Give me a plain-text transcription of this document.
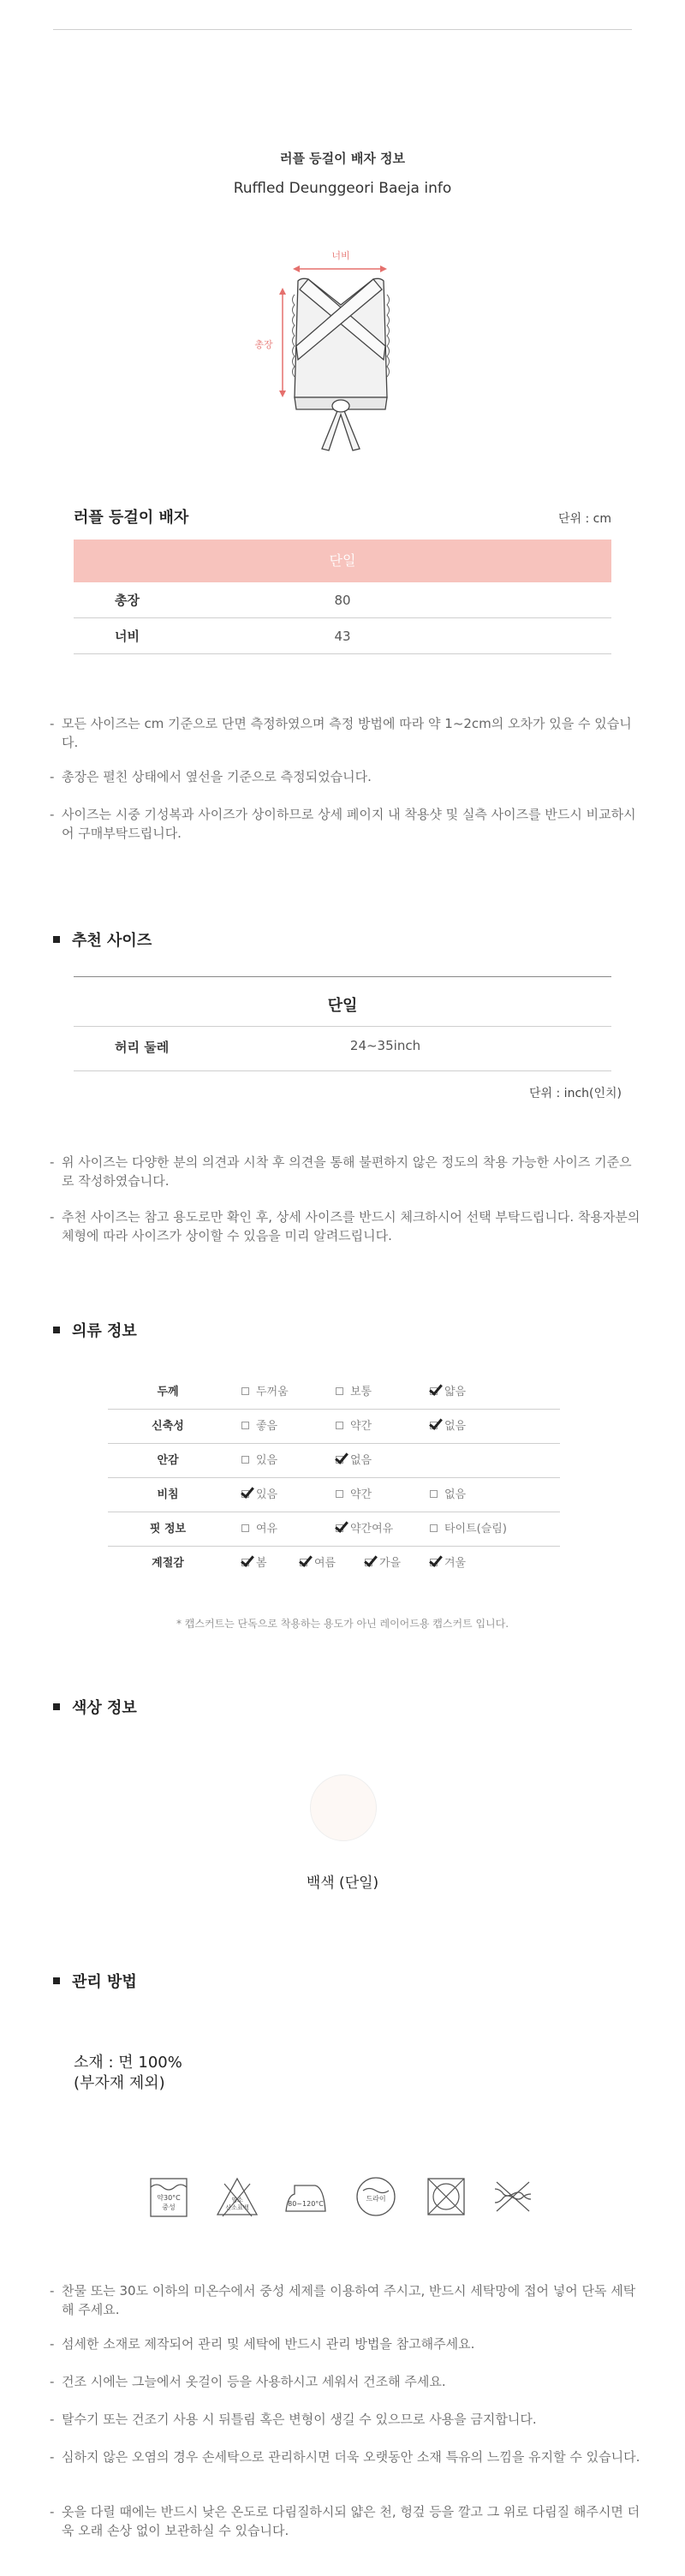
러플 등걸이 배자 정보
Ruffled Deunggeori Baeja info
너비
총장
러플 등걸이 배자	단위 : cm
단일
총장	80
너비	43
- 모든 사이즈는 cm 기준으로 단면 측정하였으며 측정 방법에 따라 약 1~2cm의 오차가 있을 수 있습니다.
- 총장은 펼친 상태에서 옆선을 기준으로 측정되었습니다.
- 사이즈는 시중 기성복과 사이즈가 상이하므로 상세 페이지 내 착용샷 및 실측 사이즈를 반드시 비교하시어 구매부탁드립니다.
추천 사이즈
단일
허리 둘레	24~35inch
단위 : inch(인치)
- 위 사이즈는 다양한 분의 의견과 시착 후 의견을 통해 불편하지 않은 정도의 착용 가능한 사이즈 기준으로 작성하였습니다.
- 추천 사이즈는 참고 용도로만 확인 후, 상세 사이즈를 반드시 체크하시어 선택 부탁드립니다. 착용자분의 체형에 따라 사이즈가 상이할 수 있음을 미리 알려드립니다.
의류 정보
두께	두꺼움	보통	얇음
신축성	좋음	약간	없음
안감	있음	없음
비침	있음	약간	없음
핏 정보	여유	약간여유	타이트(슬림)
계절감	봄	여름	가을	겨울
* 캡스커트는 단독으로 착용하는 용도가 아닌 레이어드용 캡스커트 입니다.
색상 정보
백색 (단일)
관리 방법
소재 : 면 100%
(부자재 제외)
약30°C
중성
염소
산소표백	80~120°C
드라이
- 찬물 또는 30도 이하의 미온수에서 중성 세제를 이용하여 주시고, 반드시 세탁망에 접어 넣어 단독 세탁해 주세요.
- 섬세한 소재로 제작되어 관리 및 세탁에 반드시 관리 방법을 참고해주세요.
- 건조 시에는 그늘에서 옷걸이 등을 사용하시고 세워서 건조해 주세요.
- 탈수기 또는 건조기 사용 시 뒤틀림 혹은 변형이 생길 수 있으므로 사용을 금지합니다.
- 심하지 않은 오염의 경우 손세탁으로 관리하시면 더욱 오랫동안 소재 특유의 느낌을 유지할 수 있습니다.
- 옷을 다릴 때에는 반드시 낮은 온도로 다림질하시되 얇은 천, 헝겊 등을 깔고 그 위로 다림질 해주시면 더욱 오래 손상 없이 보관하실 수 있습니다.
